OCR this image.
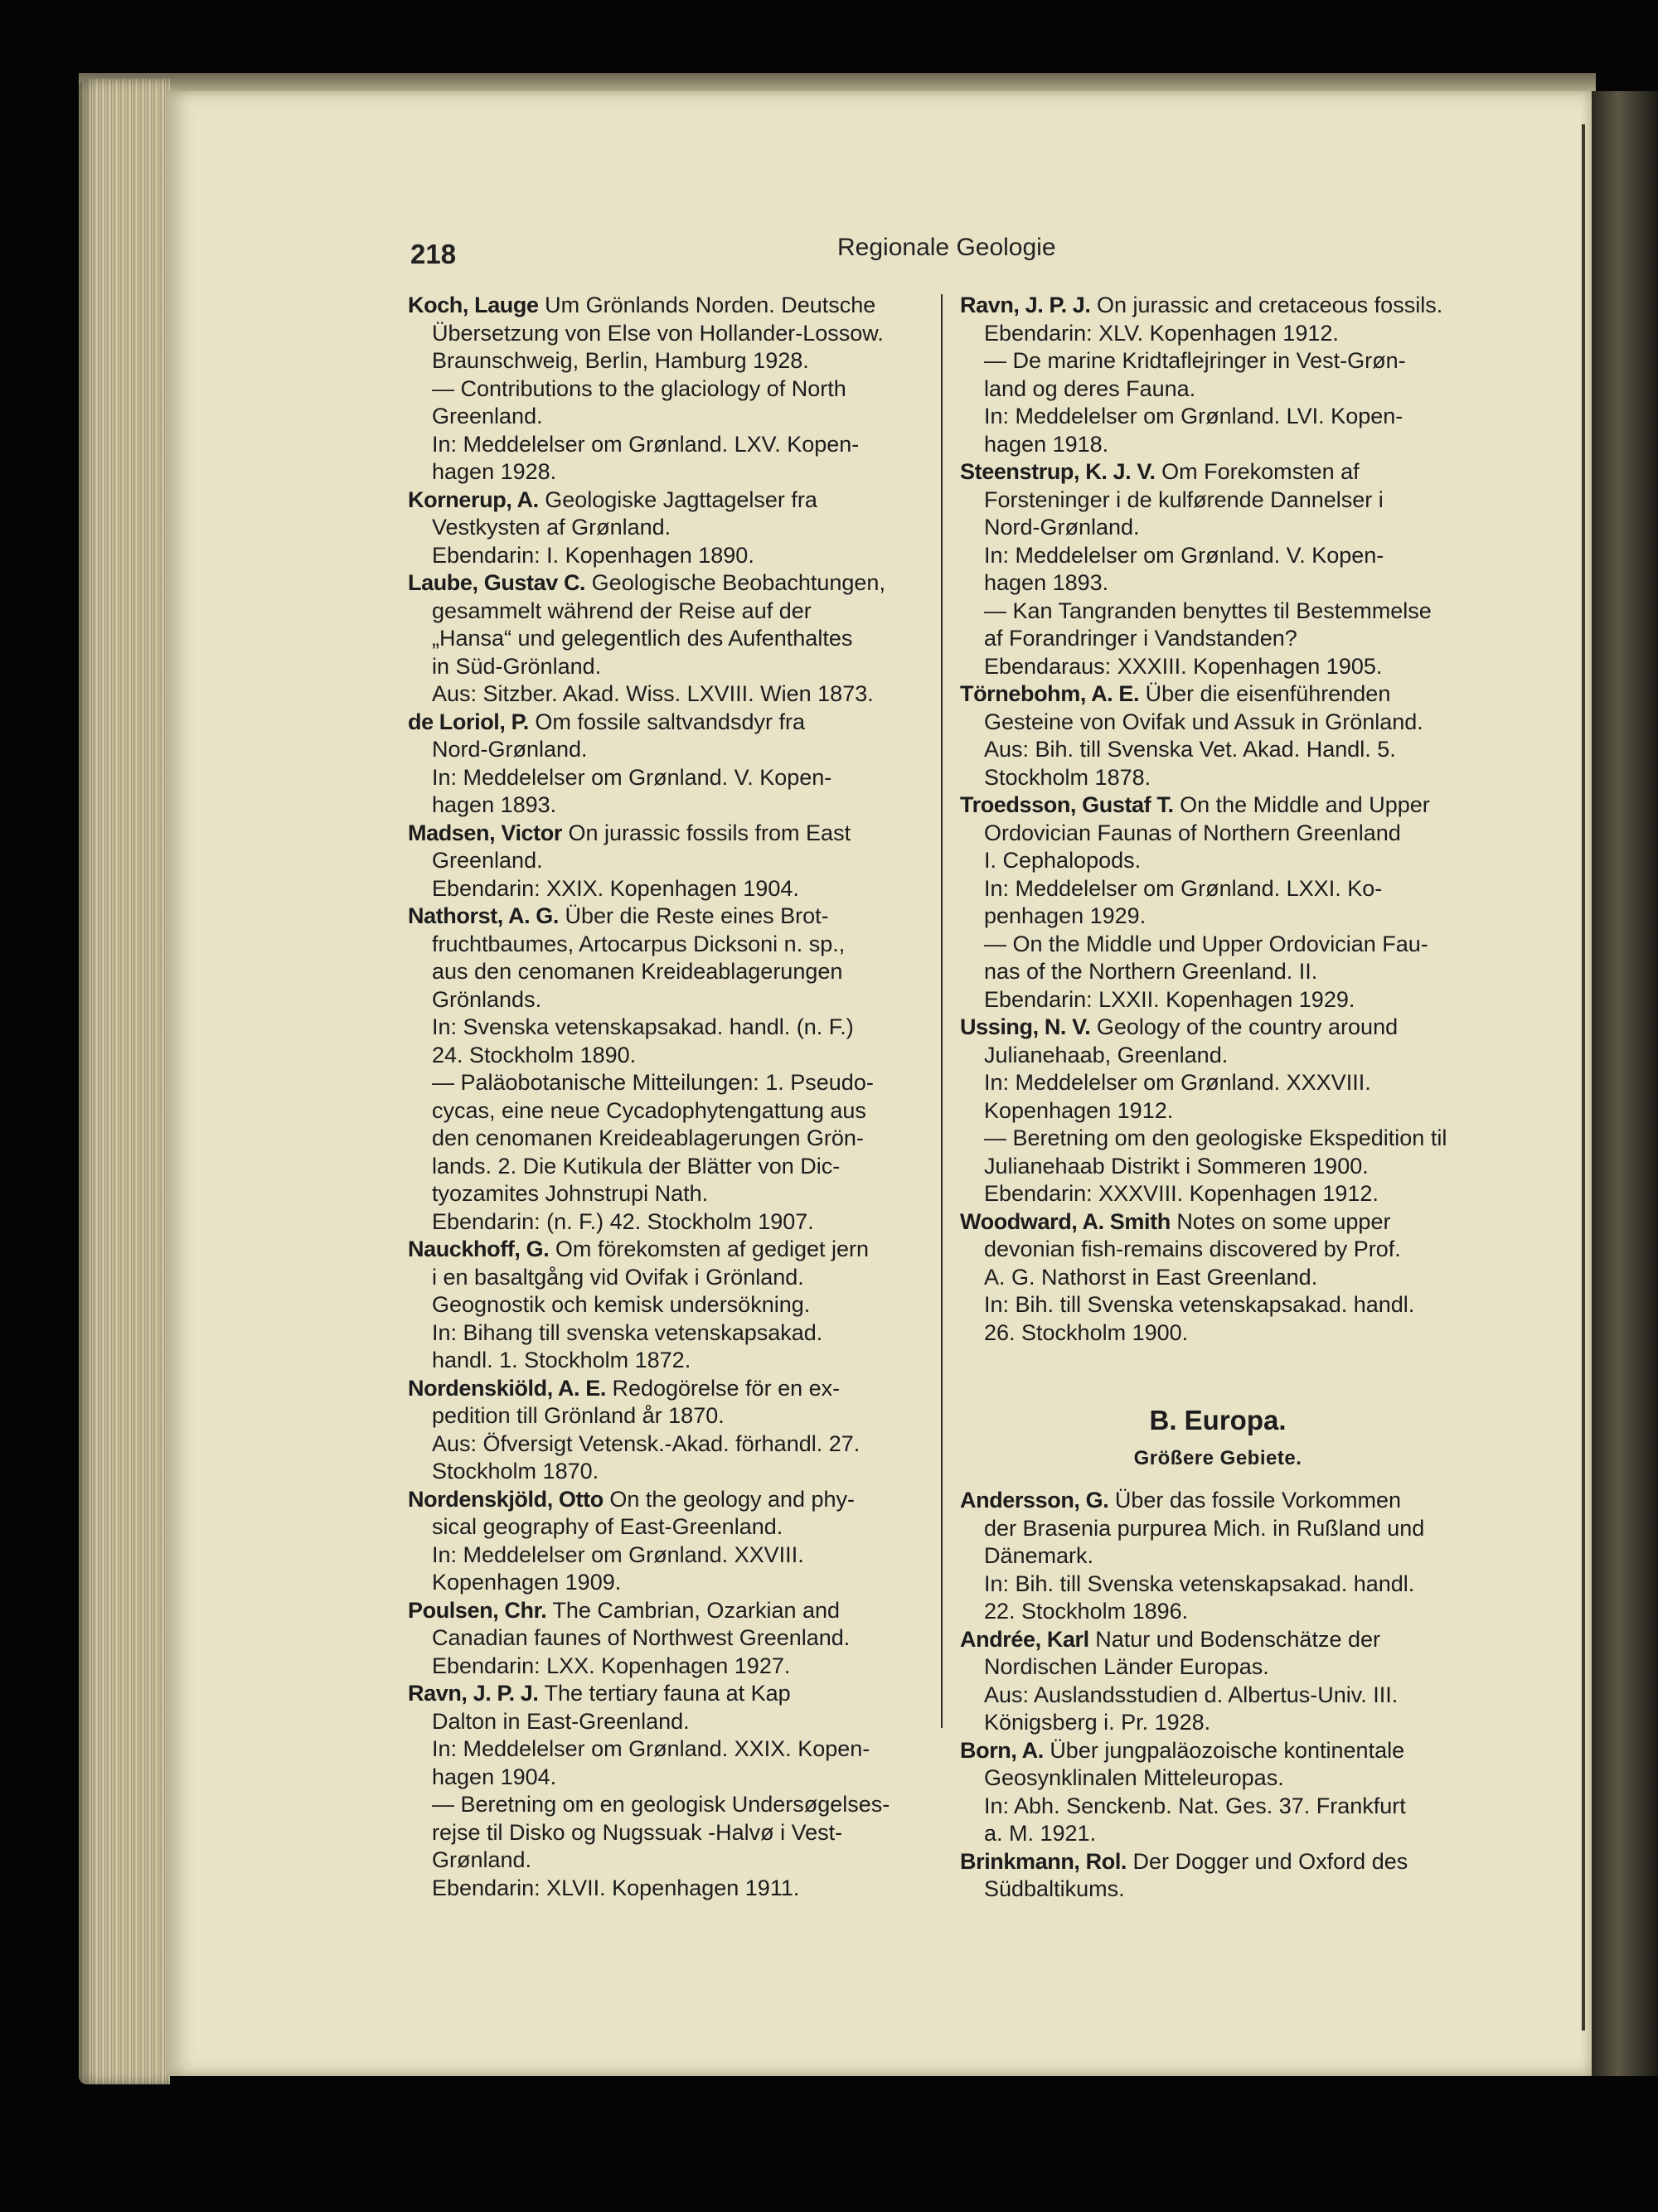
218	Regionale Geologie
Koch, Lauge Um Grönlands Norden. Deutsche
Übersetzung von Else von Hollander-Lossow.
Braunschweig, Berlin, Hamburg 1928.
— Contributions to the glaciology of North
Greenland.
In: Meddelelser om Grønland. LXV. Kopen-
hagen 1928.
Kornerup, A. Geologiske Jagttagelser fra
Vestkysten af Grønland.
Ebendarin: I. Kopenhagen 1890.
Laube, Gustav C. Geologische Beobachtungen,
gesammelt während der Reise auf der
„Hansa“ und gelegentlich des Aufenthaltes
in Süd-Grönland.
Aus: Sitzber. Akad. Wiss. LXVIII. Wien 1873.
de Loriol, P. Om fossile saltvandsdyr fra
Nord-Grønland.
In: Meddelelser om Grønland. V. Kopen-
hagen 1893.
Madsen, Victor On jurassic fossils from East
Greenland.
Ebendarin: XXIX. Kopenhagen 1904.
Nathorst, A. G. Über die Reste eines Brot-
fruchtbaumes, Artocarpus Dicksoni n. sp.,
aus den cenomanen Kreideablagerungen
Grönlands.
In: Svenska vetenskapsakad. handl. (n. F.)
24. Stockholm 1890.
— Paläobotanische Mitteilungen: 1. Pseudo-
cycas, eine neue Cycadophytengattung aus
den cenomanen Kreideablagerungen Grön-
lands. 2. Die Kutikula der Blätter von Dic-
tyozamites Johnstrupi Nath.
Ebendarin: (n. F.) 42. Stockholm 1907.
Nauckhoff, G. Om förekomsten af gediget jern
i en basaltgång vid Ovifak i Grönland.
Geognostik och kemisk undersökning.
In: Bihang till svenska vetenskapsakad.
handl. 1. Stockholm 1872.
Nordenskiöld, A. E. Redogörelse för en ex-
pedition till Grönland år 1870.
Aus: Öfversigt Vetensk.-Akad. förhandl. 27.
Stockholm 1870.
Nordenskjöld, Otto On the geology and phy-
sical geography of East-Greenland.
In: Meddelelser om Grønland. XXVIII.
Kopenhagen 1909.
Poulsen, Chr. The Cambrian, Ozarkian and
Canadian faunes of Northwest Greenland.
Ebendarin: LXX. Kopenhagen 1927.
Ravn, J. P. J. The tertiary fauna at Kap
Dalton in East-Greenland.
In: Meddelelser om Grønland. XXIX. Kopen-
hagen 1904.
— Beretning om en geologisk Undersøgelses-
rejse til Disko og Nugssuak -Halvø i Vest-
Grønland.
Ebendarin: XLVII. Kopenhagen 1911.
Ravn, J. P. J. On jurassic and cretaceous fossils.
Ebendarin: XLV. Kopenhagen 1912.
— De marine Kridtaflejringer in Vest-Grøn-
land og deres Fauna.
In: Meddelelser om Grønland. LVI. Kopen-
hagen 1918.
Steenstrup, K. J. V. Om Forekomsten af
Forsteninger i de kulførende Dannelser i
Nord-Grønland.
In: Meddelelser om Grønland. V. Kopen-
hagen 1893.
— Kan Tangranden benyttes til Bestemmelse
af Forandringer i Vandstanden?
Ebendaraus: XXXIII. Kopenhagen 1905.
Törnebohm, A. E. Über die eisenführenden
Gesteine von Ovifak und Assuk in Grönland.
Aus: Bih. till Svenska Vet. Akad. Handl. 5.
Stockholm 1878.
Troedsson, Gustaf T. On the Middle and Upper
Ordovician Faunas of Northern Greenland
I. Cephalopods.
In: Meddelelser om Grønland. LXXI. Ko-
penhagen 1929.
— On the Middle und Upper Ordovician Fau-
nas of the Northern Greenland. II.
Ebendarin: LXXII. Kopenhagen 1929.
Ussing, N. V. Geology of the country around
Julianehaab, Greenland.
In: Meddelelser om Grønland. XXXVIII.
Kopenhagen 1912.
— Beretning om den geologiske Ekspedition til
Julianehaab Distrikt i Sommeren 1900.
Ebendarin: XXXVIII. Kopenhagen 1912.
Woodward, A. Smith Notes on some upper
devonian fish-remains discovered by Prof.
A. G. Nathorst in East Greenland.
In: Bih. till Svenska vetenskapsakad. handl.
26. Stockholm 1900.
B. Europa.
Größere Gebiete.
Andersson, G. Über das fossile Vorkommen
der Brasenia purpurea Mich. in Rußland und
Dänemark.
In: Bih. till Svenska vetenskapsakad. handl.
22. Stockholm 1896.
Andrée, Karl Natur und Bodenschätze der
Nordischen Länder Europas.
Aus: Auslandsstudien d. Albertus-Univ. III.
Königsberg i. Pr. 1928.
Born, A. Über jungpaläozoische kontinentale
Geosynklinalen Mitteleuropas.
In: Abh. Senckenb. Nat. Ges. 37. Frankfurt
a. M. 1921.
Brinkmann, Rol. Der Dogger und Oxford des
Südbaltikums.
